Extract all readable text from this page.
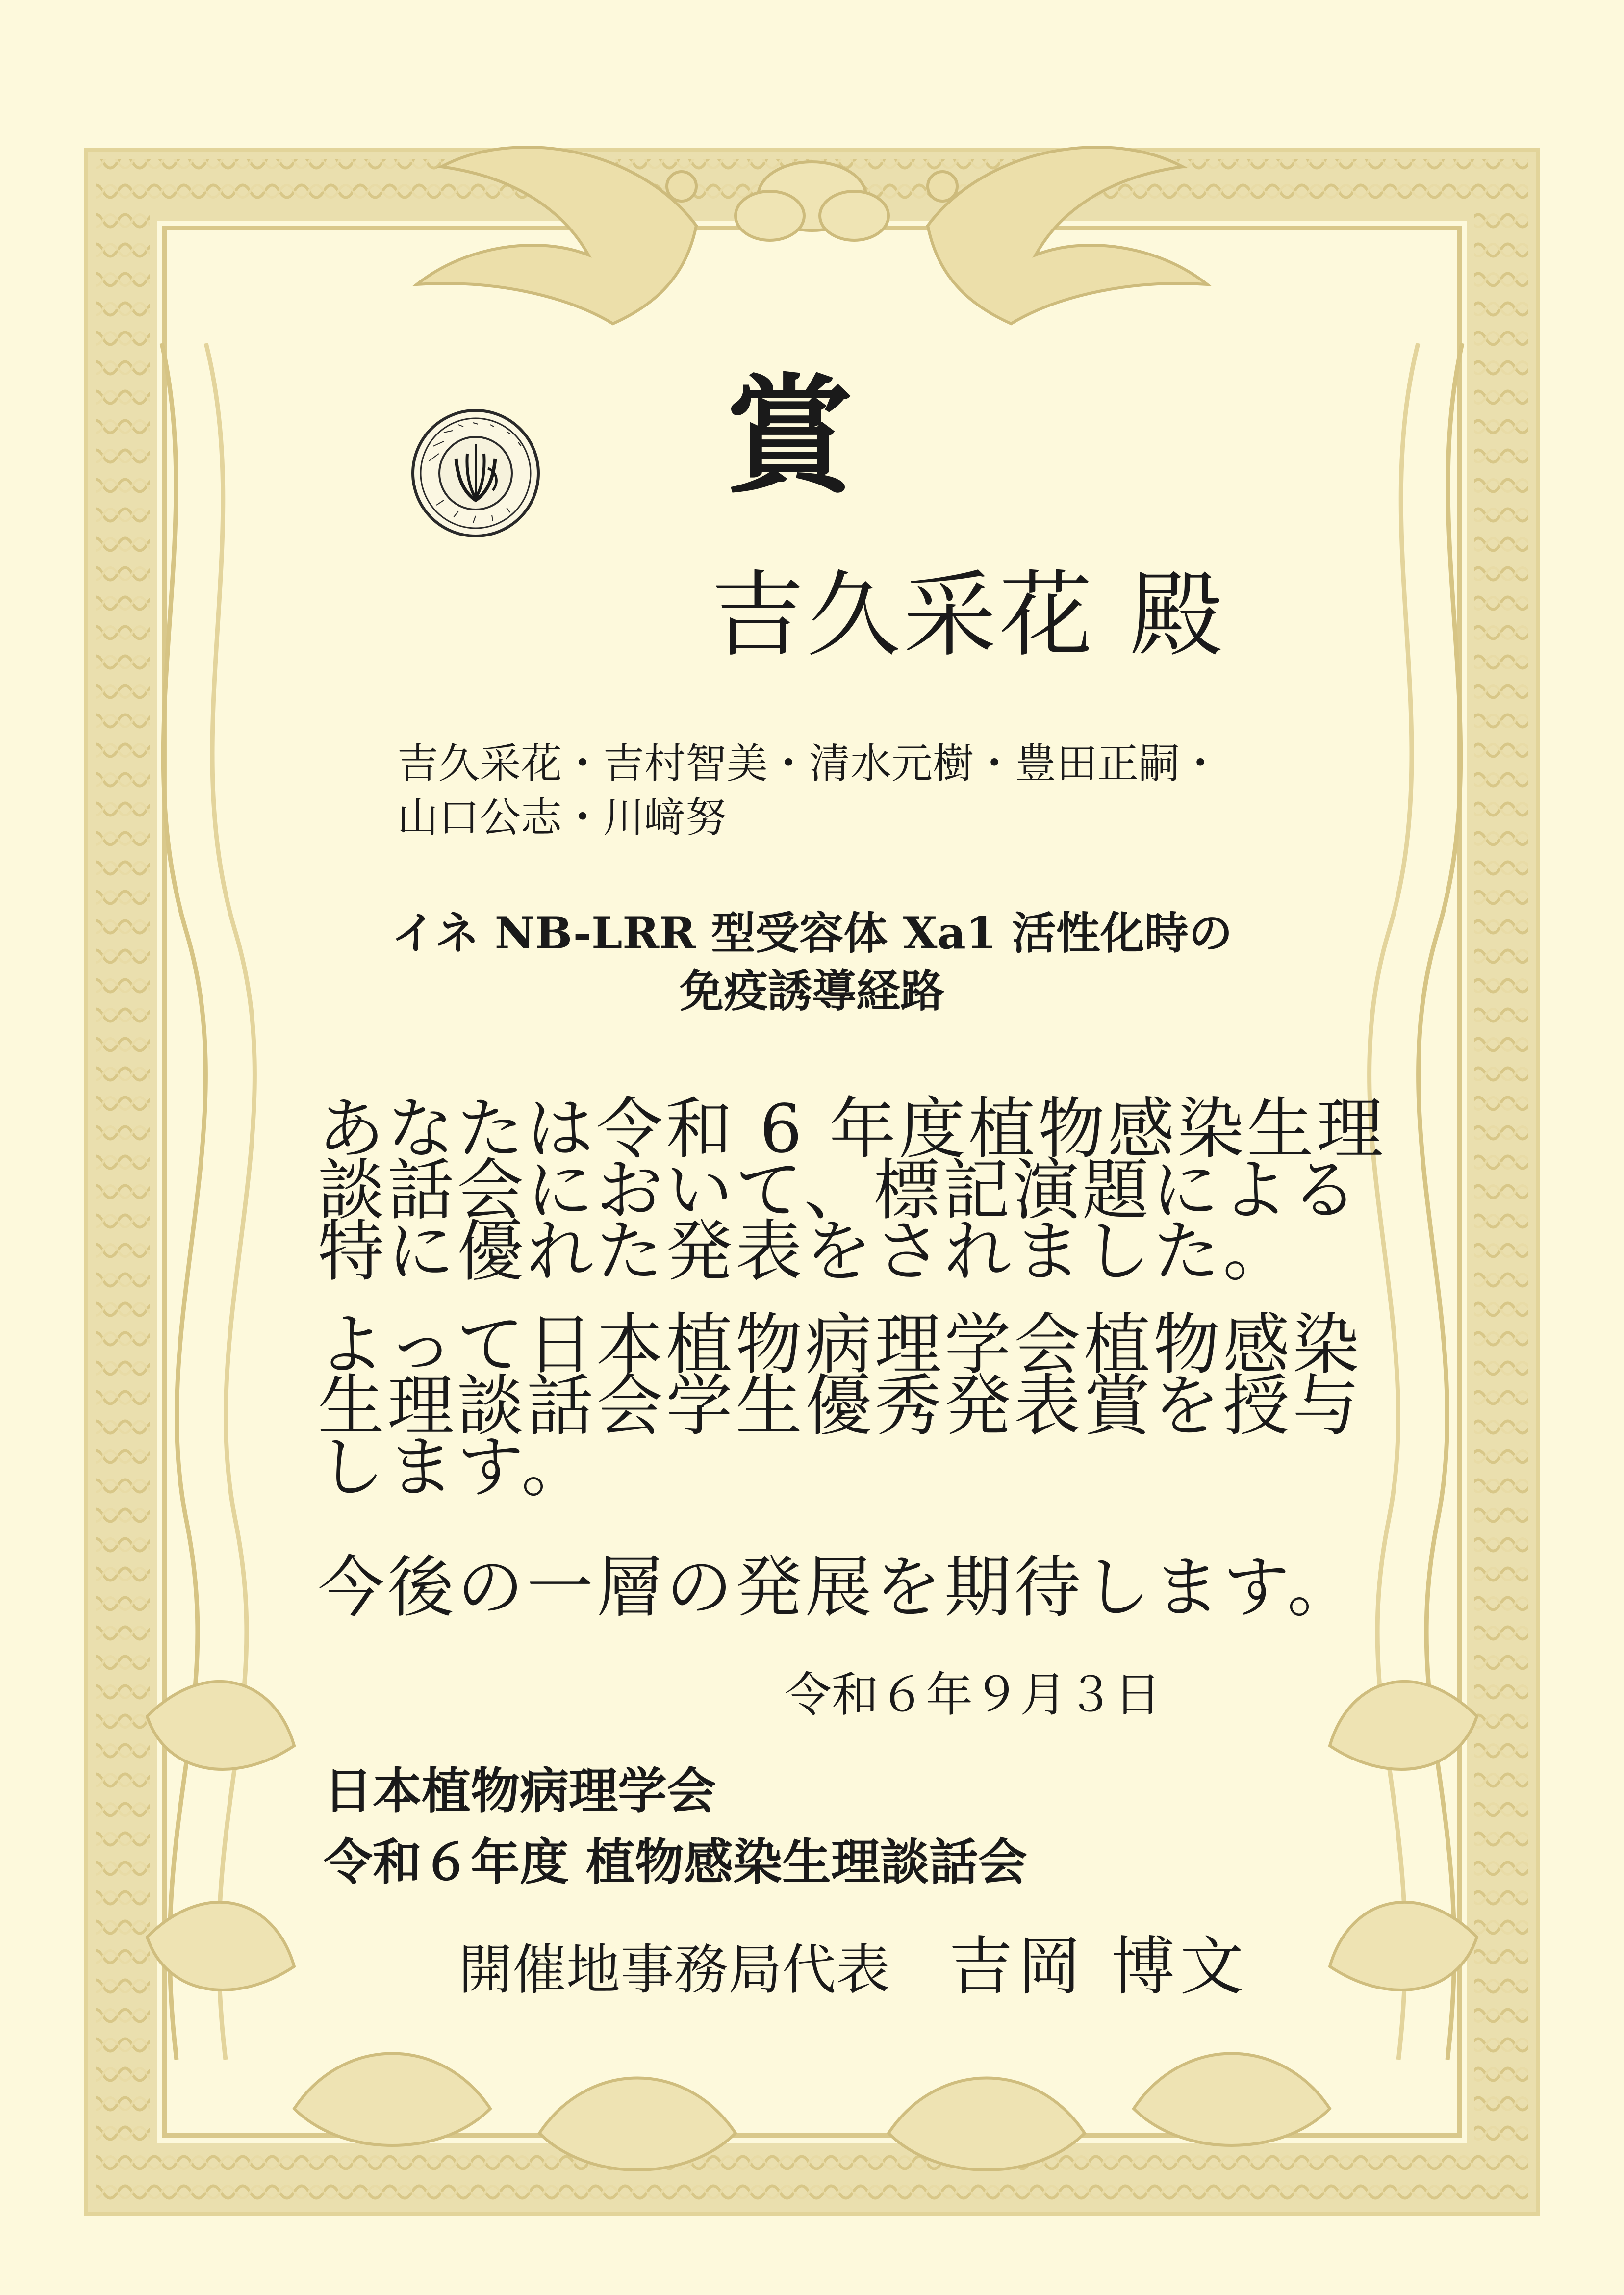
賞
吉久采花 殿
吉久采花・吉村智美・清水元樹・豊田正嗣・
山口公志・川﨑努
イネ NB-LRR 型受容体 Xa1 活性化時の
免疫誘導経路
あなたは令和 6 年度植物感染生理
談話会において、標記演題による
特に優れた発表をされました。
よって日本植物病理学会植物感染
生理談話会学生優秀発表賞を授与
します。
今後の一層の発展を期待します。
令和６年９月３日
日本植物病理学会
令和６年度 植物感染生理談話会
開催地事務局代表 吉岡 博文
